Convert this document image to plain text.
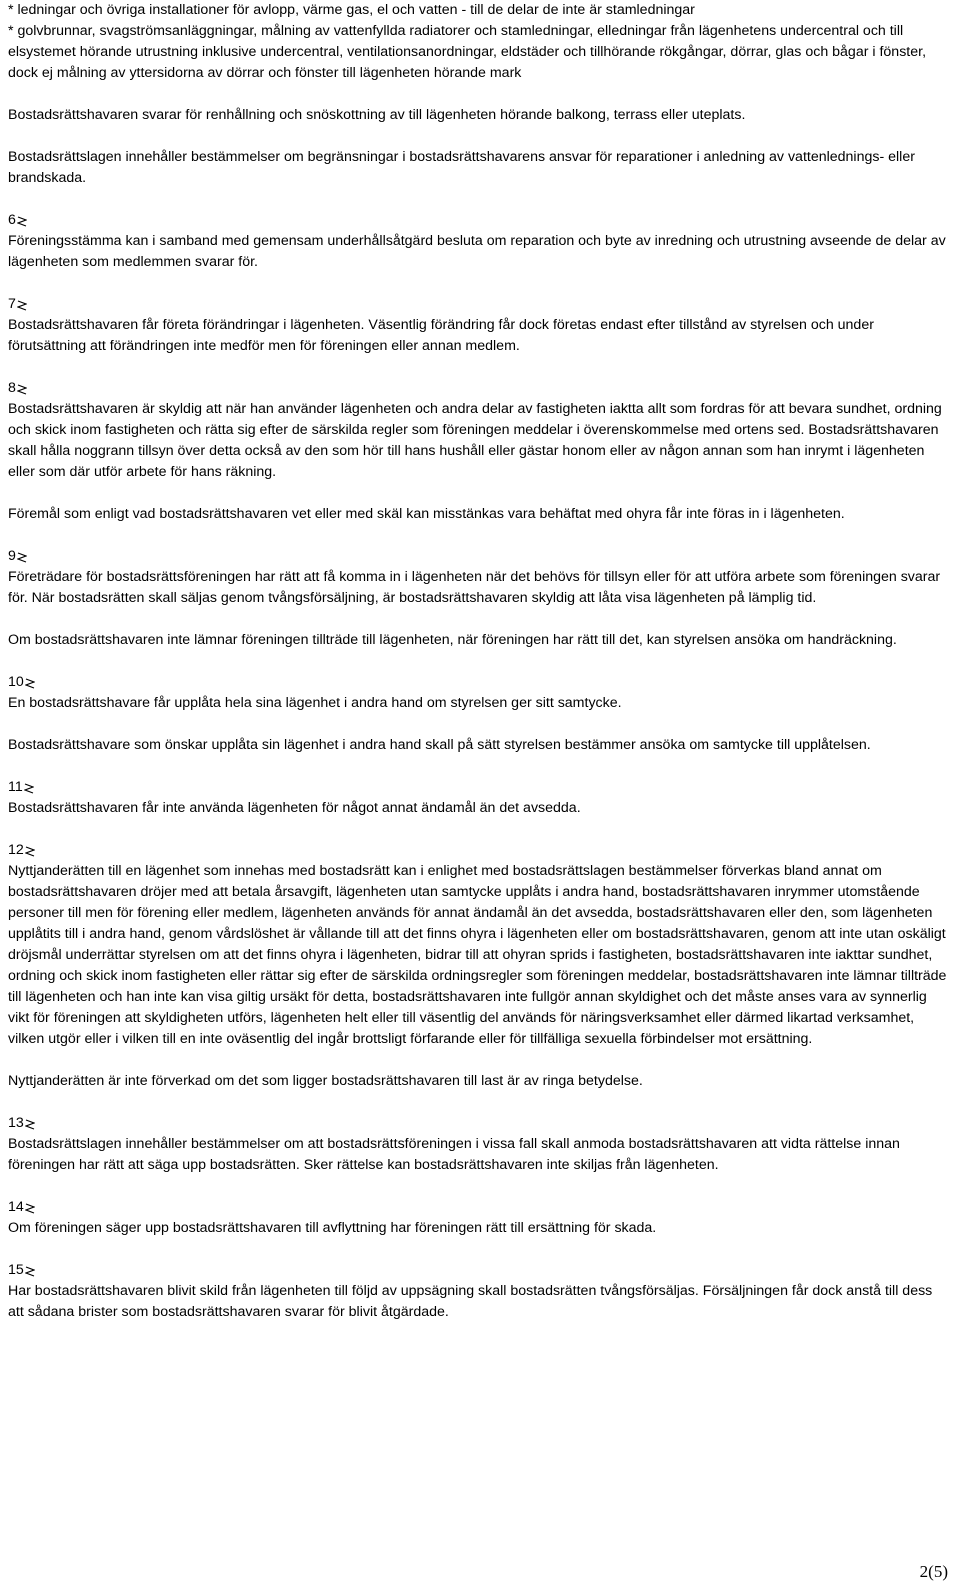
* ledningar och övriga installationer för avlopp, värme gas, el och vatten - till de delar de inte är stamledningar

* golvbrunnar, svagströmsanläggningar, målning av vattenfyllda radiatorer och stamledningar, elledningar från lägenhetens undercentral och till elsystemet hörande utrustning inklusive undercentral, ventilationsanordningar, eldstäder och tillhörande rökgångar, dörrar, glas och bågar i fönster, dock ej målning av yttersidorna av dörrar och fönster till lägenheten hörande mark

Bostadsrättshavaren svarar för renhållning och snöskottning av till lägenheten hörande balkong, terrass eller uteplats.

Bostadsrättslagen innehåller bestämmelser om begränsningar i bostadsrättshavarens ansvar för reparationer i anledning av vattenlednings- eller brandskada.

6

Föreningsstämma kan i samband med gemensam underhållsåtgärd besluta om reparation och byte av inredning och utrustning avseende de delar av lägenheten som medlemmen svarar för.

7

Bostadsrättshavaren får företa förändringar i lägenheten. Väsentlig förändring får dock företas endast efter tillstånd av styrelsen och under förutsättning att förändringen inte medför men för föreningen eller annan medlem.

8

Bostadsrättshavaren är skyldig att när han använder lägenheten och andra delar av fastigheten iaktta allt som fordras för att bevara sundhet, ordning och skick inom fastigheten och rätta sig efter de särskilda regler som föreningen meddelar i överenskommelse med ortens sed. Bostadsrättshavaren skall hålla noggrann tillsyn över detta också av den som hör till hans hushåll eller gästar honom eller av någon annan som han inrymt i lägenheten eller som där utför arbete för hans räkning.

Föremål som enligt vad bostadsrättshavaren vet eller med skäl kan misstänkas vara behäftat med ohyra får inte föras in i lägenheten.

9

Företrädare för bostadsrättsföreningen har rätt att få komma in i lägenheten när det behövs för tillsyn eller för att utföra arbete som föreningen svarar för. När bostadsrätten skall säljas genom tvångsförsäljning, är bostadsrättshavaren skyldig att låta visa lägenheten på lämplig tid.

Om bostadsrättshavaren inte lämnar föreningen tillträde till lägenheten, när föreningen har rätt till det, kan styrelsen ansöka om handräckning.

10

En bostadsrättshavare får upplåta hela sina lägenhet i andra hand om styrelsen ger sitt samtycke.

Bostadsrättshavare som önskar upplåta sin lägenhet i andra hand skall på sätt styrelsen bestämmer ansöka om samtycke till upplåtelsen.

11

Bostadsrättshavaren får inte använda lägenheten för något annat ändamål än det avsedda.

12

Nyttjanderätten till en lägenhet som innehas med bostadsrätt kan i enlighet med bostadsrättslagen bestämmelser förverkas bland annat om bostadsrättshavaren dröjer med att betala årsavgift, lägenheten utan samtycke upplåts i andra hand, bostadsrättshavaren inrymmer utomstående personer till men för förening eller medlem, lägenheten används för annat ändamål än det avsedda, bostadsrättshavaren eller den, som lägenheten upplåtits till i andra hand, genom vårdslöshet är vållande till att det finns ohyra i lägenheten eller om bostadsrättshavaren, genom att inte utan oskäligt dröjsmål underrättar styrelsen om att det finns ohyra i lägenheten, bidrar till att ohyran sprids i fastigheten, bostadsrättshavaren inte iakttar sundhet, ordning och skick inom fastigheten eller rättar sig efter de särskilda ordningsregler som föreningen meddelar, bostadsrättshavaren inte lämnar tillträde till lägenheten och han inte kan visa giltig ursäkt för detta, bostadsrättshavaren inte fullgör annan skyldighet och det måste anses vara av synnerlig vikt för föreningen att skyldigheten utförs, lägenheten helt eller till väsentlig del används för näringsverksamhet eller därmed likartad verksamhet, vilken utgör eller i vilken till en inte oväsentlig del ingår brottsligt förfarande eller för tillfälliga sexuella förbindelser mot ersättning.

Nyttjanderätten är inte förverkad om det som ligger bostadsrättshavaren till last är av ringa betydelse.

13

Bostadsrättslagen innehåller bestämmelser om att bostadsrättsföreningen i vissa fall skall anmoda bostadsrättshavaren att vidta rättelse innan föreningen har rätt att säga upp bostadsrätten. Sker rättelse kan bostadsrättshavaren inte skiljas från lägenheten.

14

Om föreningen säger upp bostadsrättshavaren till avflyttning har föreningen rätt till ersättning för skada.

15

Har bostadsrättshavaren blivit skild från lägenheten till följd av uppsägning skall bostadsrätten tvångsförsäljas. Försäljningen får dock anstå till dess att sådana brister som bostadsrättshavaren svarar för blivit åtgärdade.

2(5)
